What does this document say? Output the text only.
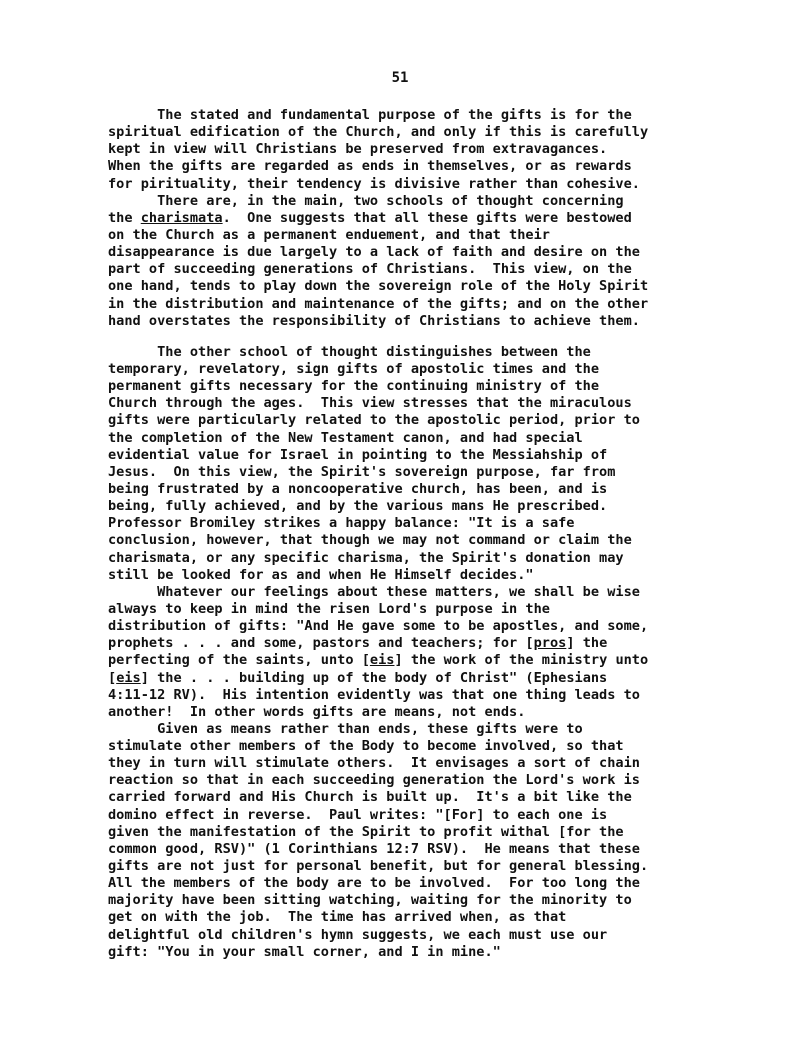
51
The stated and fundamental purpose of the gifts is for the
spiritual edification of the Church, and only if this is carefully
kept in view will Christians be preserved from extravagances.
When the gifts are regarded as ends in themselves, or as rewards
for pirituality, their tendency is divisive rather than cohesive.
There are, in the main, two schools of thought concerning
the charismata.  One suggests that all these gifts were bestowed
on the Church as a permanent enduement, and that their
disappearance is due largely to a lack of faith and desire on the
part of succeeding generations of Christians.  This view, on the
one hand, tends to play down the sovereign role of the Holy Spirit
in the distribution and maintenance of the gifts; and on the other
hand overstates the responsibility of Christians to achieve them.
The other school of thought distinguishes between the
temporary, revelatory, sign gifts of apostolic times and the
permanent gifts necessary for the continuing ministry of the
Church through the ages.  This view stresses that the miraculous
gifts were particularly related to the apostolic period, prior to
the completion of the New Testament canon, and had special
evidential value for Israel in pointing to the Messiahship of
Jesus.  On this view, the Spirit's sovereign purpose, far from
being frustrated by a noncooperative church, has been, and is
being, fully achieved, and by the various mans He prescribed.
Professor Bromiley strikes a happy balance: "It is a safe
conclusion, however, that though we may not command or claim the
charismata, or any specific charisma, the Spirit's donation may
still be looked for as and when He Himself decides."
Whatever our feelings about these matters, we shall be wise
always to keep in mind the risen Lord's purpose in the
distribution of gifts: "And He gave some to be apostles, and some,
prophets . . . and some, pastors and teachers; for [pros] the
perfecting of the saints, unto [eis] the work of the ministry unto
[eis] the . . . building up of the body of Christ" (Ephesians
4:11-12 RV).  His intention evidently was that one thing leads to
another!  In other words gifts are means, not ends.
Given as means rather than ends, these gifts were to
stimulate other members of the Body to become involved, so that
they in turn will stimulate others.  It envisages a sort of chain
reaction so that in each succeeding generation the Lord's work is
carried forward and His Church is built up.  It's a bit like the
domino effect in reverse.  Paul writes: "[For] to each one is
given the manifestation of the Spirit to profit withal [for the
common good, RSV)" (1 Corinthians 12:7 RSV).  He means that these
gifts are not just for personal benefit, but for general blessing.
All the members of the body are to be involved.  For too long the
majority have been sitting watching, waiting for the minority to
get on with the job.  The time has arrived when, as that
delightful old children's hymn suggests, we each must use our
gift: "You in your small corner, and I in mine."
